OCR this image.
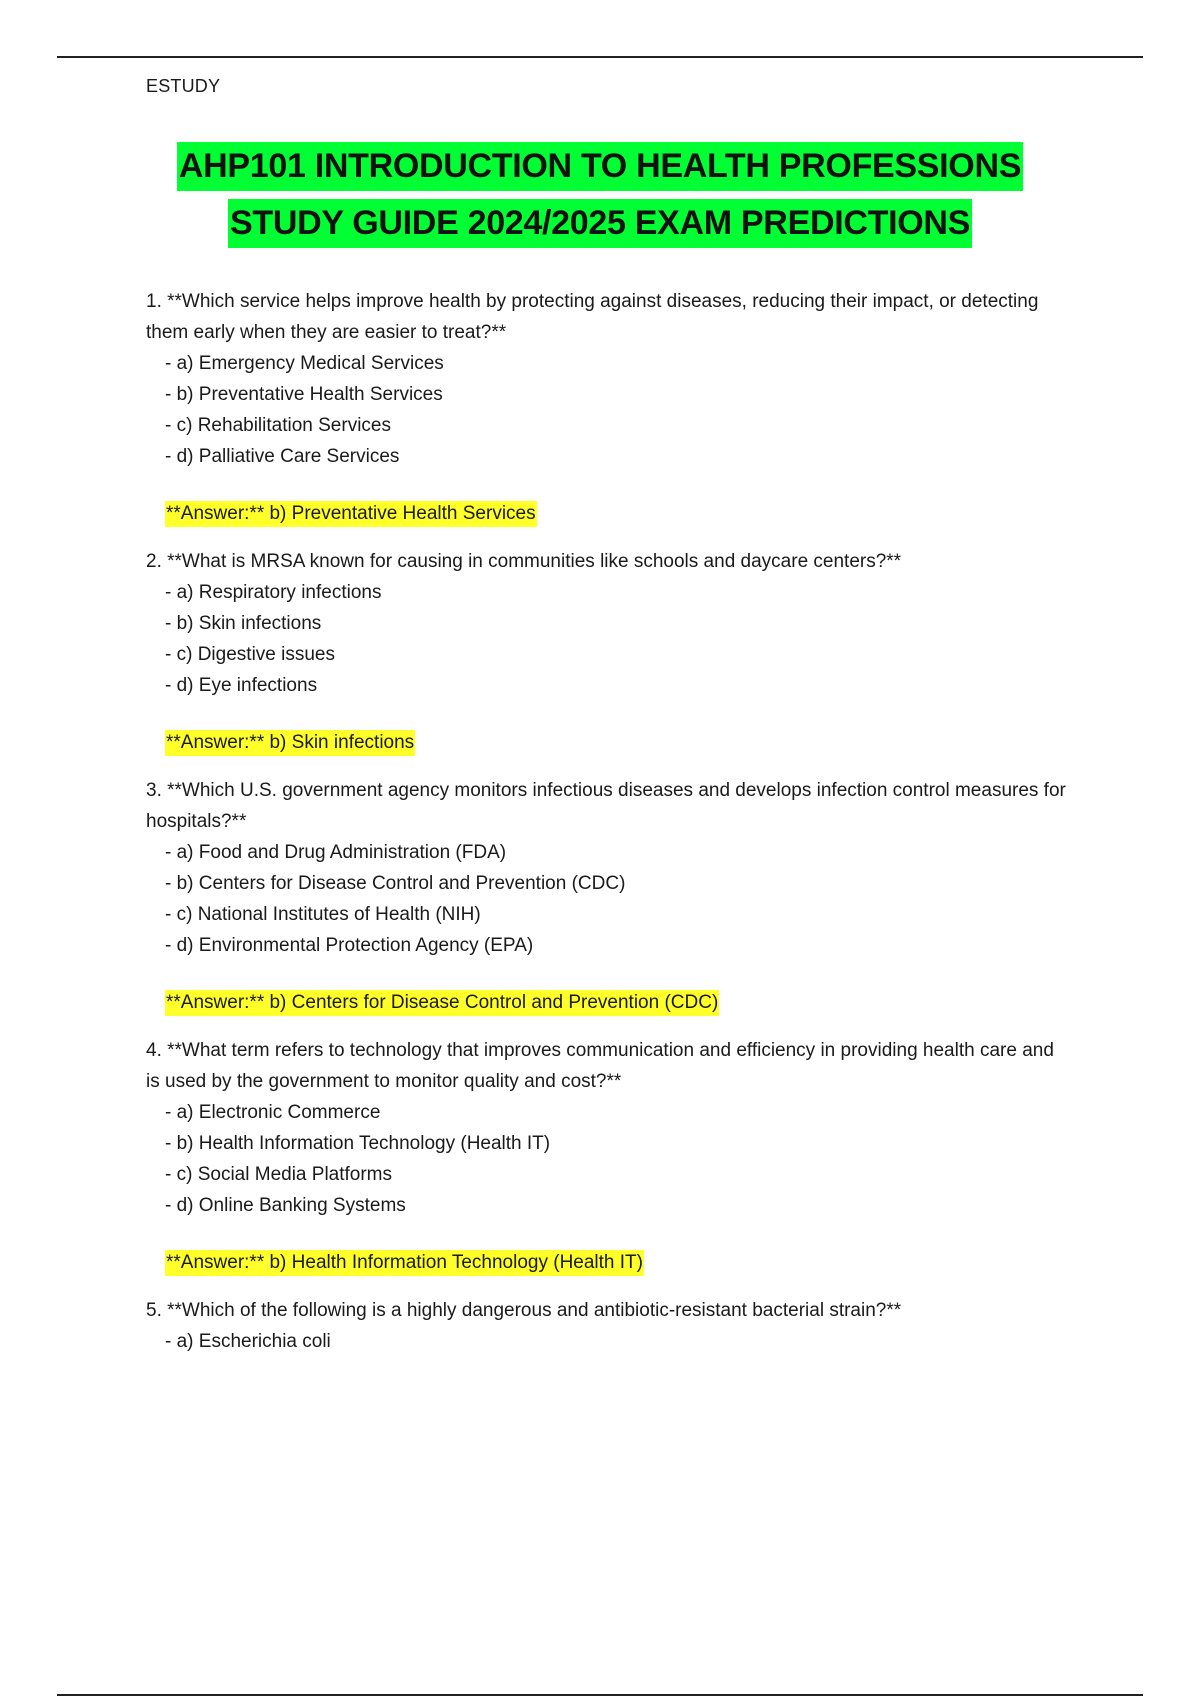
ESTUDY
AHP101 INTRODUCTION TO HEALTH PROFESSIONS
STUDY GUIDE 2024/2025 EXAM PREDICTIONS

1. **Which service helps improve health by protecting against diseases, reducing their impact, or detecting them early when they are easier to treat?**

- a) Emergency Medical Services
- b) Preventative Health Services
- c) Rehabilitation Services
- d) Palliative Care Services
**Answer:** b) Preventative Health Services

2. **What is MRSA known for causing in communities like schools and daycare centers?**

- a) Respiratory infections
- b) Skin infections
- c) Digestive issues
- d) Eye infections
**Answer:** b) Skin infections

3. **Which U.S. government agency monitors infectious diseases and develops infection control measures for hospitals?**

- a) Food and Drug Administration (FDA)
- b) Centers for Disease Control and Prevention (CDC)
- c) National Institutes of Health (NIH)
- d) Environmental Protection Agency (EPA)
**Answer:** b) Centers for Disease Control and Prevention (CDC)

4. **What term refers to technology that improves communication and efficiency in providing health care and is used by the government to monitor quality and cost?**

- a) Electronic Commerce
- b) Health Information Technology (Health IT)
- c) Social Media Platforms
- d) Online Banking Systems
**Answer:** b) Health Information Technology (Health IT)

5. **Which of the following is a highly dangerous and antibiotic-resistant bacterial strain?**

- a) Escherichia coli
